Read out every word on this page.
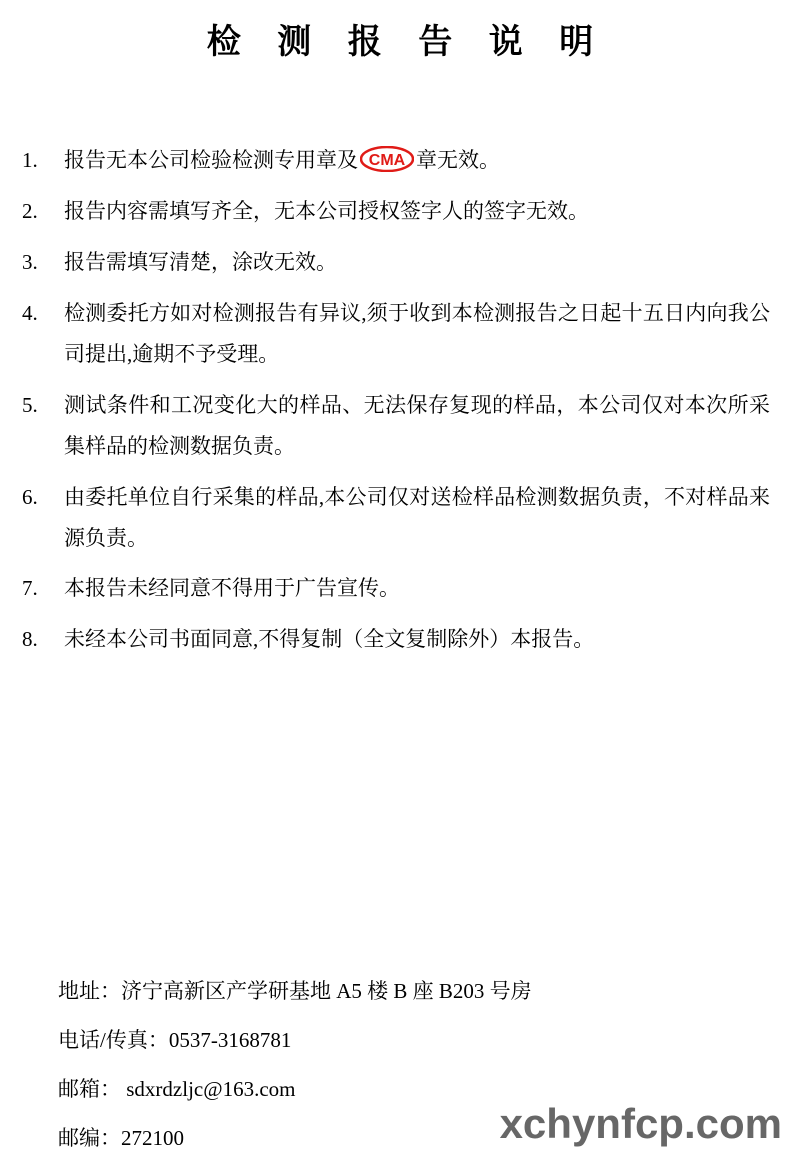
检 测 报 告 说 明
1.	报告无本公司检验检测专用章及 CMA 章无效。
2.	报告内容需填写齐全，无本公司授权签字人的签字无效。
3.	报告需填写清楚，涂改无效。
4.	检测委托方如对检测报告有异议,须于收到本检测报告之日起十五日内向我公司提出,逾期不予受理。
5.	测试条件和工况变化大的样品、无法保存复现的样品，本公司仅对本次所采集样品的检测数据负责。
6.	由委托单位自行采集的样品,本公司仅对送检样品检测数据负责，不对样品来源负责。
7.	本报告未经同意不得用于广告宣传。
8.	未经本公司书面同意,不得复制（全文复制除外）本报告。
地址：济宁高新区产学研基地 A5 楼 B 座 B203 号房
电话/传真：0537-3168781
邮箱： sdxrdzljc@163.com
邮编：272100	xchynfcp.com
